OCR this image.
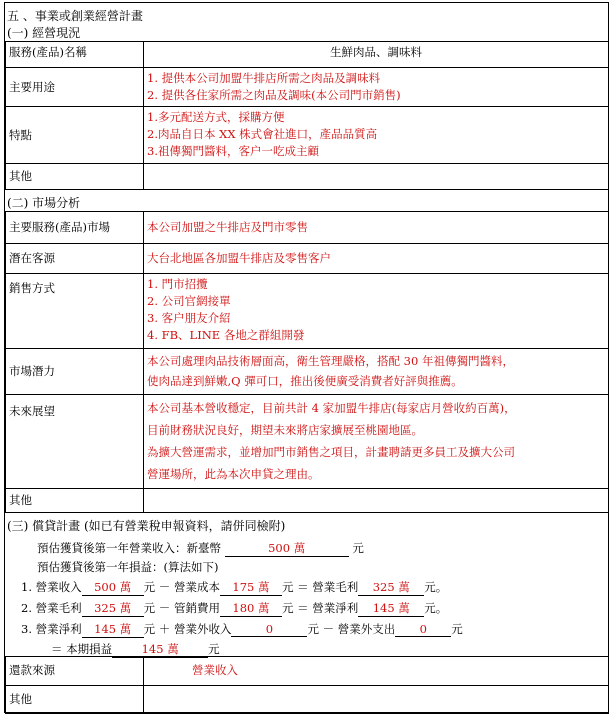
五 、事業或創業經營計畫
(一) 經營現況
服務(產品)名稱	生鮮肉品、調味料
主要用途	1. 提供本公司加盟牛排店所需之肉品及調味料
2. 提供各住家所需之肉品及調味(本公司門市銷售)

特點	1.多元配送方式，採購方便
2.肉品自日本 XX 株式會社進口，產品品質高
3.祖傳獨門醬料，客户一吃成主顧

其他	
(二) 市場分析
主要服務(產品)市場	本公司加盟之牛排店及門市零售
潛在客源	大台北地區各加盟牛排店及零售客户
銷售方式	1. 門市招攬
2. 公司官網接單
3. 客户朋友介紹
4. FB、LINE 各地之群組開發

市場潛力	本公司處理肉品技術層面高，衛生管理嚴格，搭配 30 年祖傳獨門醬料，
使肉品達到鮮嫩,Q 彈可口，推出後便廣受消費者好評與推薦。

未來展望	本公司基本營收穩定，目前共計 4 家加盟牛排店(每家店月營收約百萬)，
目前財務狀況良好，期望未來將店家擴展至桃園地區。
為擴大營運需求，並增加門市銷售之項目，計畫聘請更多員工及擴大公司
營運場所，此為本次申貸之理由。

其他	
(三) 償貸計畫 (如已有營業稅申報資料，請併同檢附)
預估獲貸後第一年營業收入：新臺幣	500 萬	元
預估獲貸後第一年損益：(算法如下)
1. 營業收入 500 萬 元 － 營業成本 175 萬 元 ＝ 營業毛利 325 萬 元。
2. 營業毛利 325 萬 元 － 管銷費用 180 萬 元 ＝ 營業淨利 145 萬 元。
3. 營業淨利 145 萬 元 ＋ 營業外收入	0	元 － 營業外支出 0 元
＝ 本期損益	145 萬	元
還款來源	營業收入
其他	
